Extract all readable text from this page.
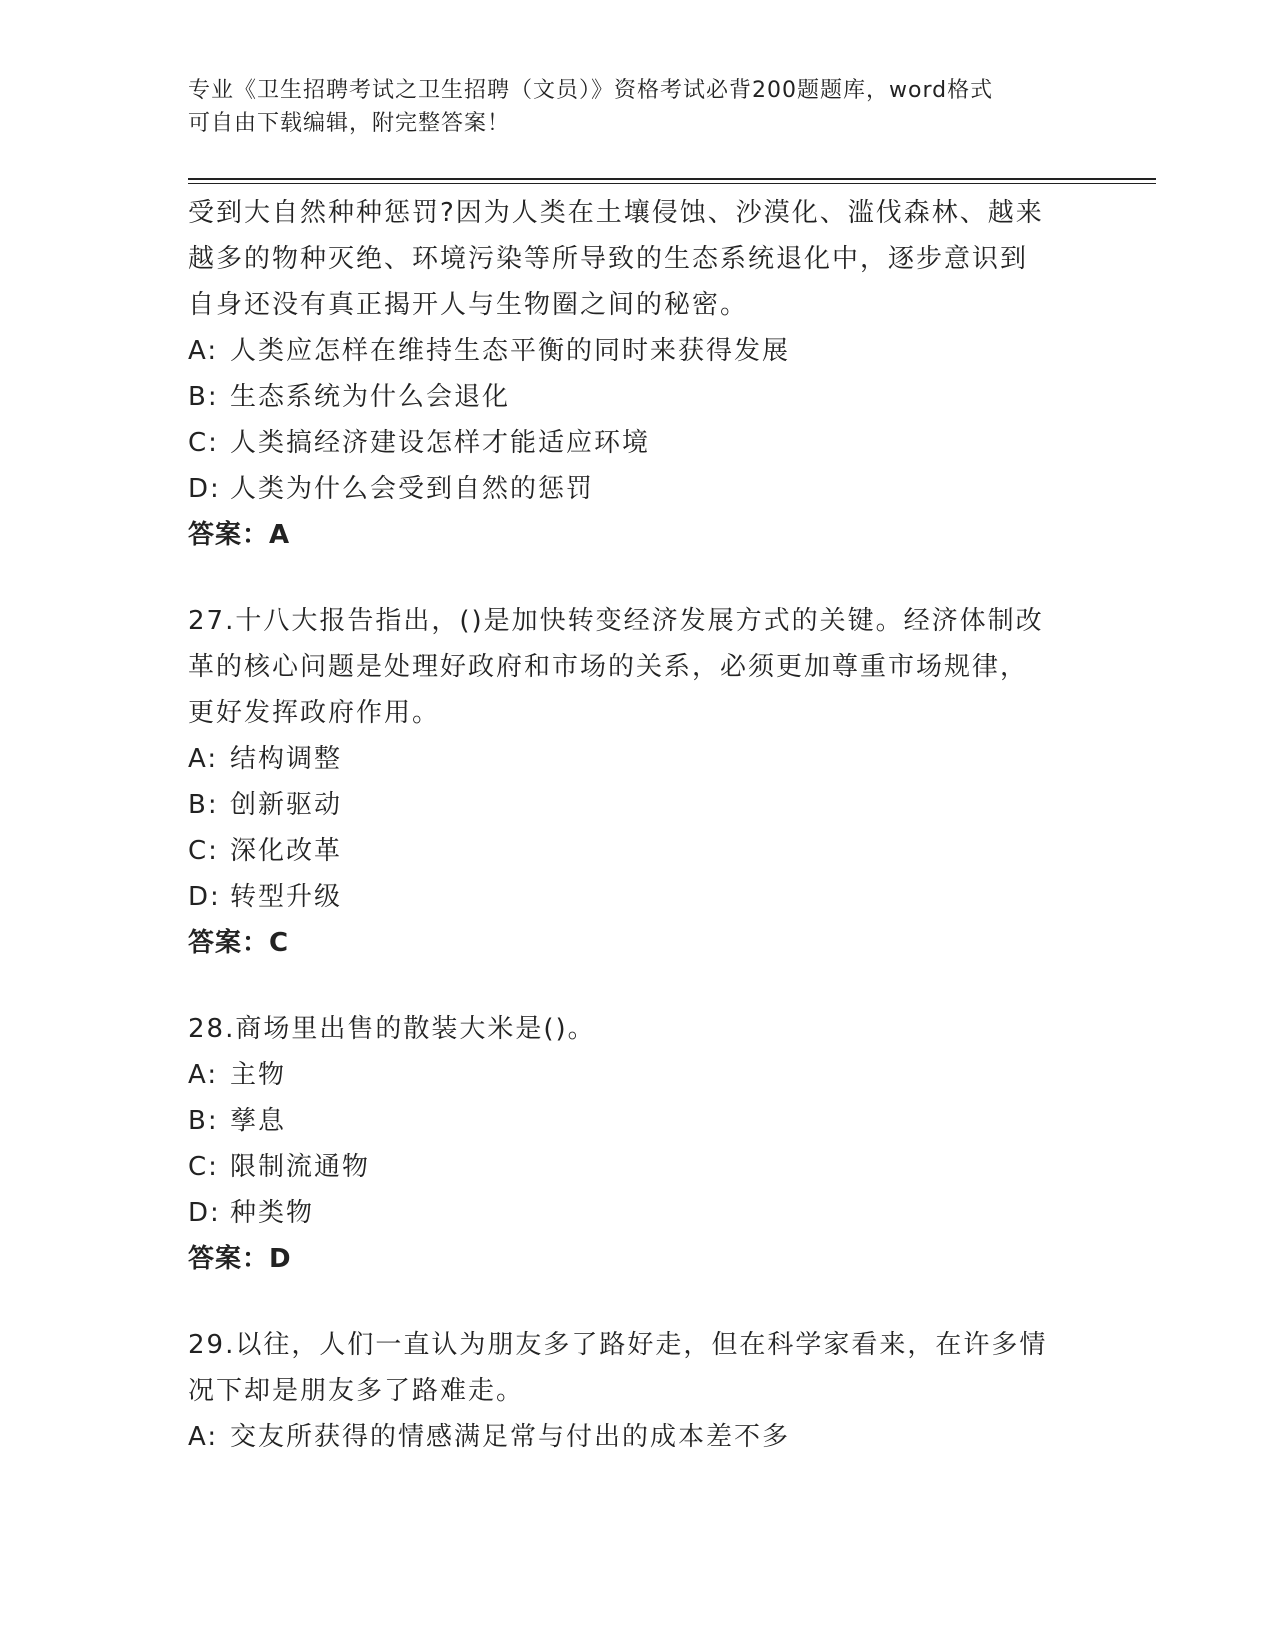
专业《卫生招聘考试之卫生招聘（文员）》资格考试必背200题题库，word格式
可自由下载编辑，附完整答案！
受到大自然种种惩罚?因为人类在土壤侵蚀、沙漠化、滥伐森林、越来
越多的物种灭绝、环境污染等所导致的生态系统退化中，逐步意识到
自身还没有真正揭开人与生物圈之间的秘密。
A: 人类应怎样在维持生态平衡的同时来获得发展
B: 生态系统为什么会退化
C: 人类搞经济建设怎样才能适应环境
D: 人类为什么会受到自然的惩罚
答案：A
27.十八大报告指出，()是加快转变经济发展方式的关键。经济体制改
革的核心问题是处理好政府和市场的关系，必须更加尊重市场规律，
更好发挥政府作用。
A: 结构调整
B: 创新驱动
C: 深化改革
D: 转型升级
答案：C
28.商场里出售的散装大米是()。
A: 主物
B: 孳息
C: 限制流通物
D: 种类物
答案：D
29.以往，人们一直认为朋友多了路好走，但在科学家看来，在许多情
况下却是朋友多了路难走。
A: 交友所获得的情感满足常与付出的成本差不多
